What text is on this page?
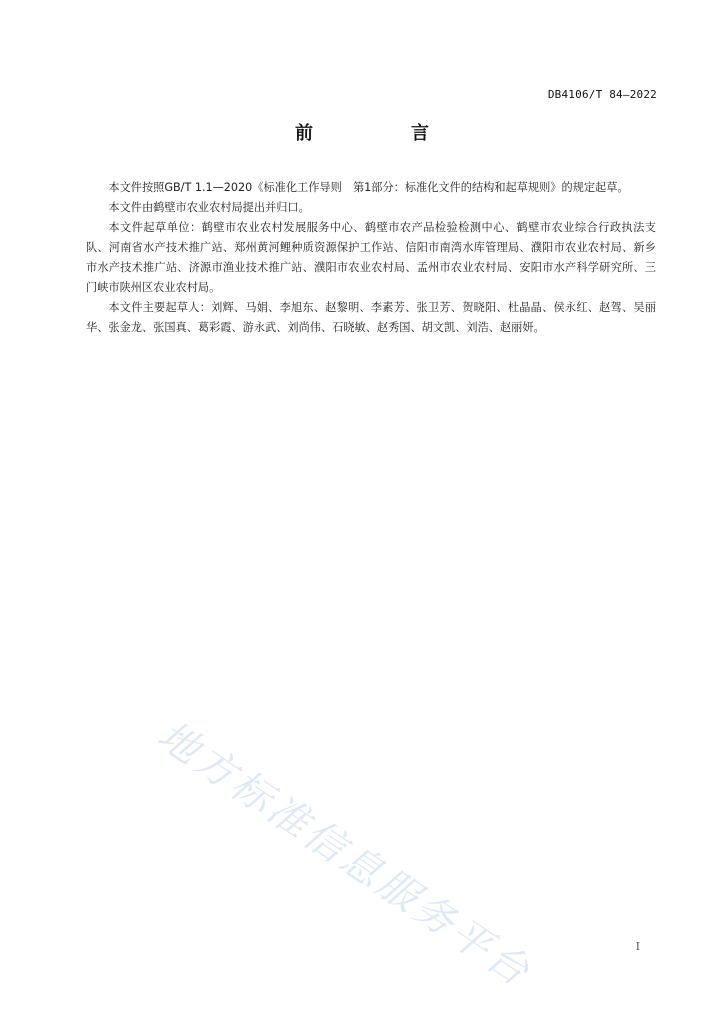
DB4106/T 84—2022
前　言

本文件按照GB/T 1.1—2020《标准化工作导则　第1部分：标准化文件的结构和起草规则》的规定起草。

本文件由鹤壁市农业农村局提出并归口。

本文件起草单位：鹤壁市农业农村发展服务中心、鹤壁市农产品检验检测中心、鹤壁市农业综合行政执法支队、河南省水产技术推广站、郑州黄河鲤种质资源保护工作站、信阳市南湾水库管理局、濮阳市农业农村局、新乡市水产技术推广站、济源市渔业技术推广站、濮阳市农业农村局、孟州市农业农村局、安阳市水产科学研究所、三门峡市陕州区农业农村局。

本文件主要起草人：刘辉、马娟、李旭东、赵黎明、李素芳、张卫芳、贺晓阳、杜晶晶、侯永红、赵驾、吴丽华、张金龙、张国真、葛彩霞、游永武、刘尚伟、石晓敏、赵秀国、胡文凯、刘浩、赵丽妍。

地方标准信息服务平台	I
